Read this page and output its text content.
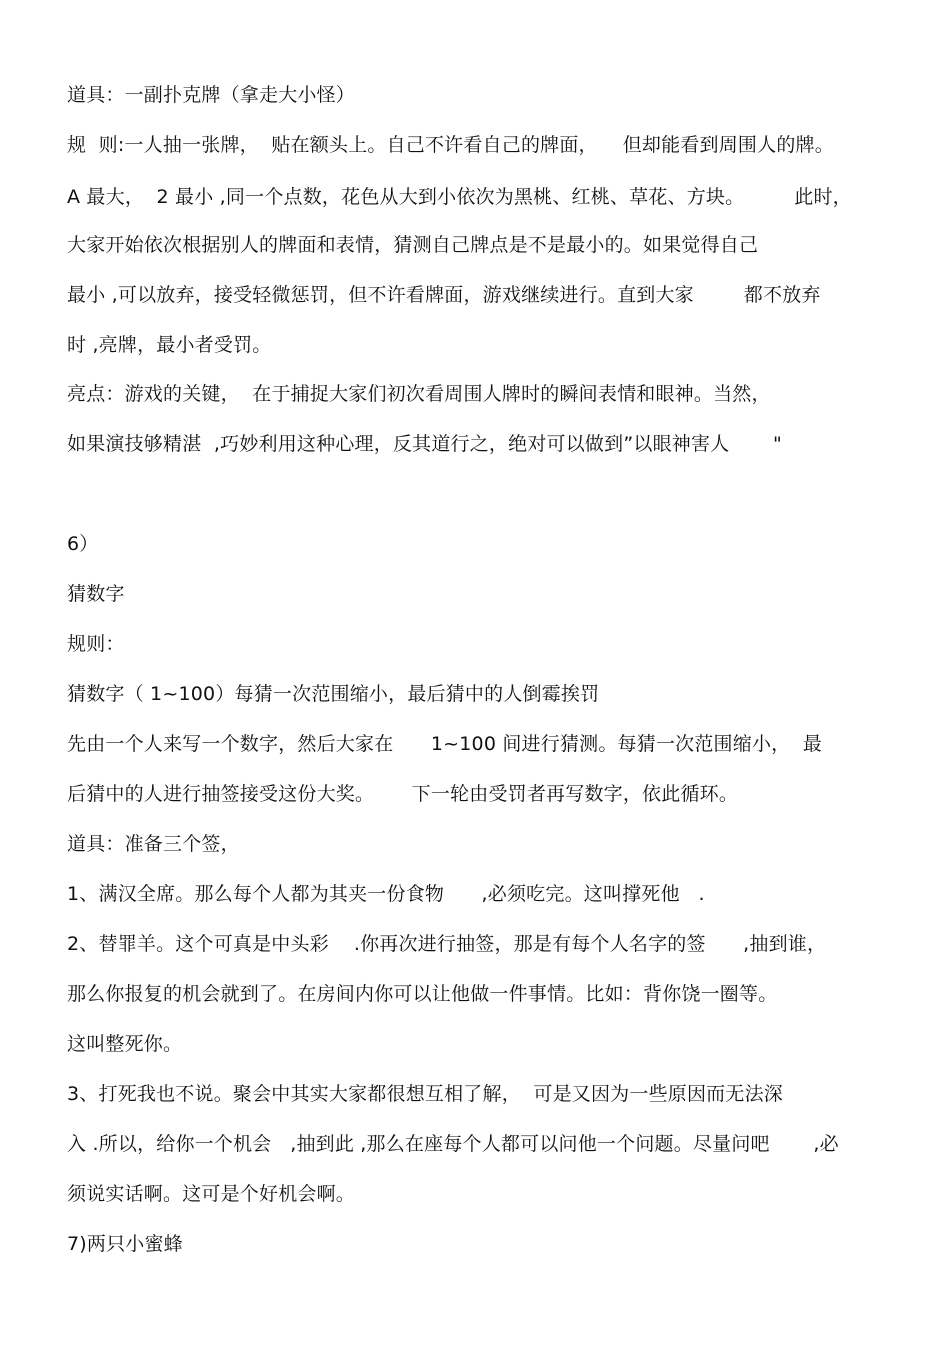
道具：一副扑克牌（拿走大小怪）
规  则:一人抽一张牌，  贴在额头上。自己不许看自己的牌面，    但却能看到周围人的牌。
A 最大，  2 最小 ,同一个点数，花色从大到小依次为黑桃、红桃、草花、方块。        此时，
大家开始依次根据别人的牌面和表情，猜测自己牌点是不是最小的。如果觉得自己
最小 ,可以放弃，接受轻微惩罚，但不许看牌面，游戏继续进行。直到大家        都不放弃
时 ,亮牌，最小者受罚。
亮点：游戏的关键，  在于捕捉大家们初次看周围人牌时的瞬间表情和眼神。当然，
如果演技够精湛  ,巧妙利用这种心理，反其道行之，绝对可以做到”以眼神害人       "
6）
猜数字
规则：
猜数字（ 1~100）每猜一次范围缩小，最后猜中的人倒霉挨罚
先由一个人来写一个数字，然后大家在      1~100 间进行猜测。每猜一次范围缩小，  最
后猜中的人进行抽签接受这份大奖。      下一轮由受罚者再写数字，依此循环。
道具：准备三个签，
1、满汉全席。那么每个人都为其夹一份食物      ,必须吃完。这叫撑死他   .
2、替罪羊。这个可真是中头彩    .你再次进行抽签，那是有每个人名字的签      ,抽到谁，
那么你报复的机会就到了。在房间内你可以让他做一件事情。比如：背你饶一圈等。
这叫整死你。
3、打死我也不说。聚会中其实大家都很想互相了解，  可是又因为一些原因而无法深
入 .所以，给你一个机会   ,抽到此 ,那么在座每个人都可以问他一个问题。尽量问吧       ,必
须说实话啊。这可是个好机会啊。
7)两只小蜜蜂
